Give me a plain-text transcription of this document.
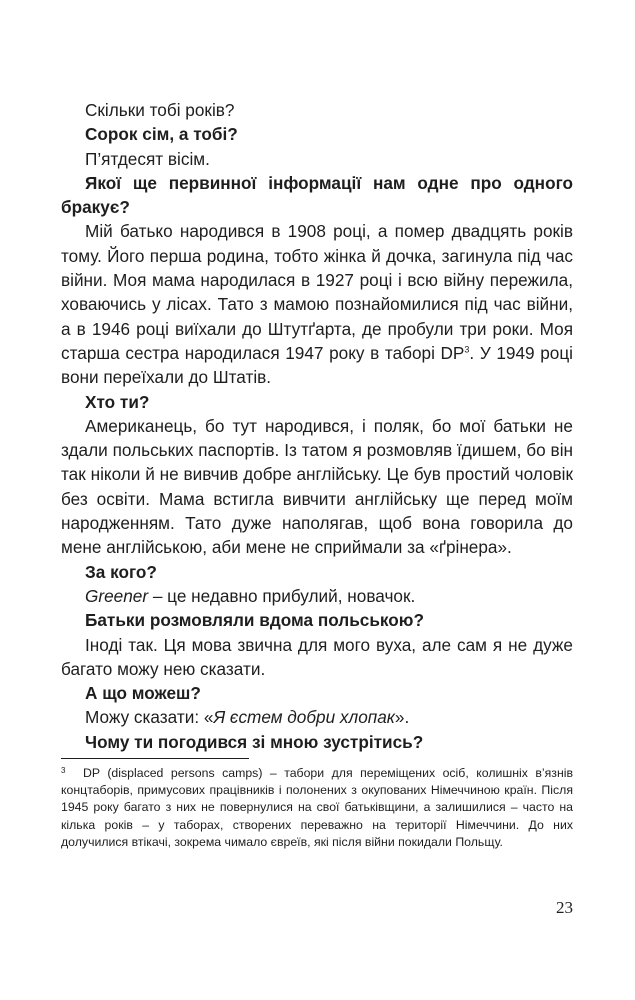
Скільки тобі років?

Сорок сім, а тобі?

П’ятдесят вісім.

Якої ще первинної інформації нам одне про одного бракує?

Мій батько народився в 1908 році, а помер двадцять років тому. Його перша родина, тобто жінка й дочка, загинула під час війни. Моя мама народилася в 1927 році і всю війну пережила, ховаючись у лісах. Тато з мамою познайомилися під час війни, а в 1946 році виїхали до Штутґарта, де пробули три роки. Моя старша сестра народилася 1947 року в таборі DP$^3$. У 1949 році вони переїхали до Штатів.

Хто ти?

Американець, бо тут народився, і поляк, бо мої батьки не здали польських паспортів. Із татом я розмовляв їдишем, бо він так ніколи й не вивчив добре англійську. Це був простий чоловік без освіти. Мама встигла вивчити англійську ще перед моїм народженням. Тато дуже наполягав, щоб вона говорила до мене англійською, аби мене не сприймали за «ґрінера».

За кого?

Greener – це недавно прибулий, новачок.

Батьки розмовляли вдома польською?

Іноді так. Ця мова звична для мого вуха, але сам я не дуже багато можу нею сказати.

А що можеш?

Можу сказати: «Я єстем добри хлопак».

Чому ти погодився зі мною зустрітись?

3 DP (displaced persons camps) – табори для переміщених осіб, колишніх в’язнів концтаборів, примусових працівників і полонених з окупованих Німеччиною країн. Після 1945 року багато з них не повернулися на свої батьківщини, а залишилися – часто на кілька років – у таборах, створених переважно на території Німеччини. До них долучилися втікачі, зокрема чимало євреїв, які після війни покидали Польщу.

23
